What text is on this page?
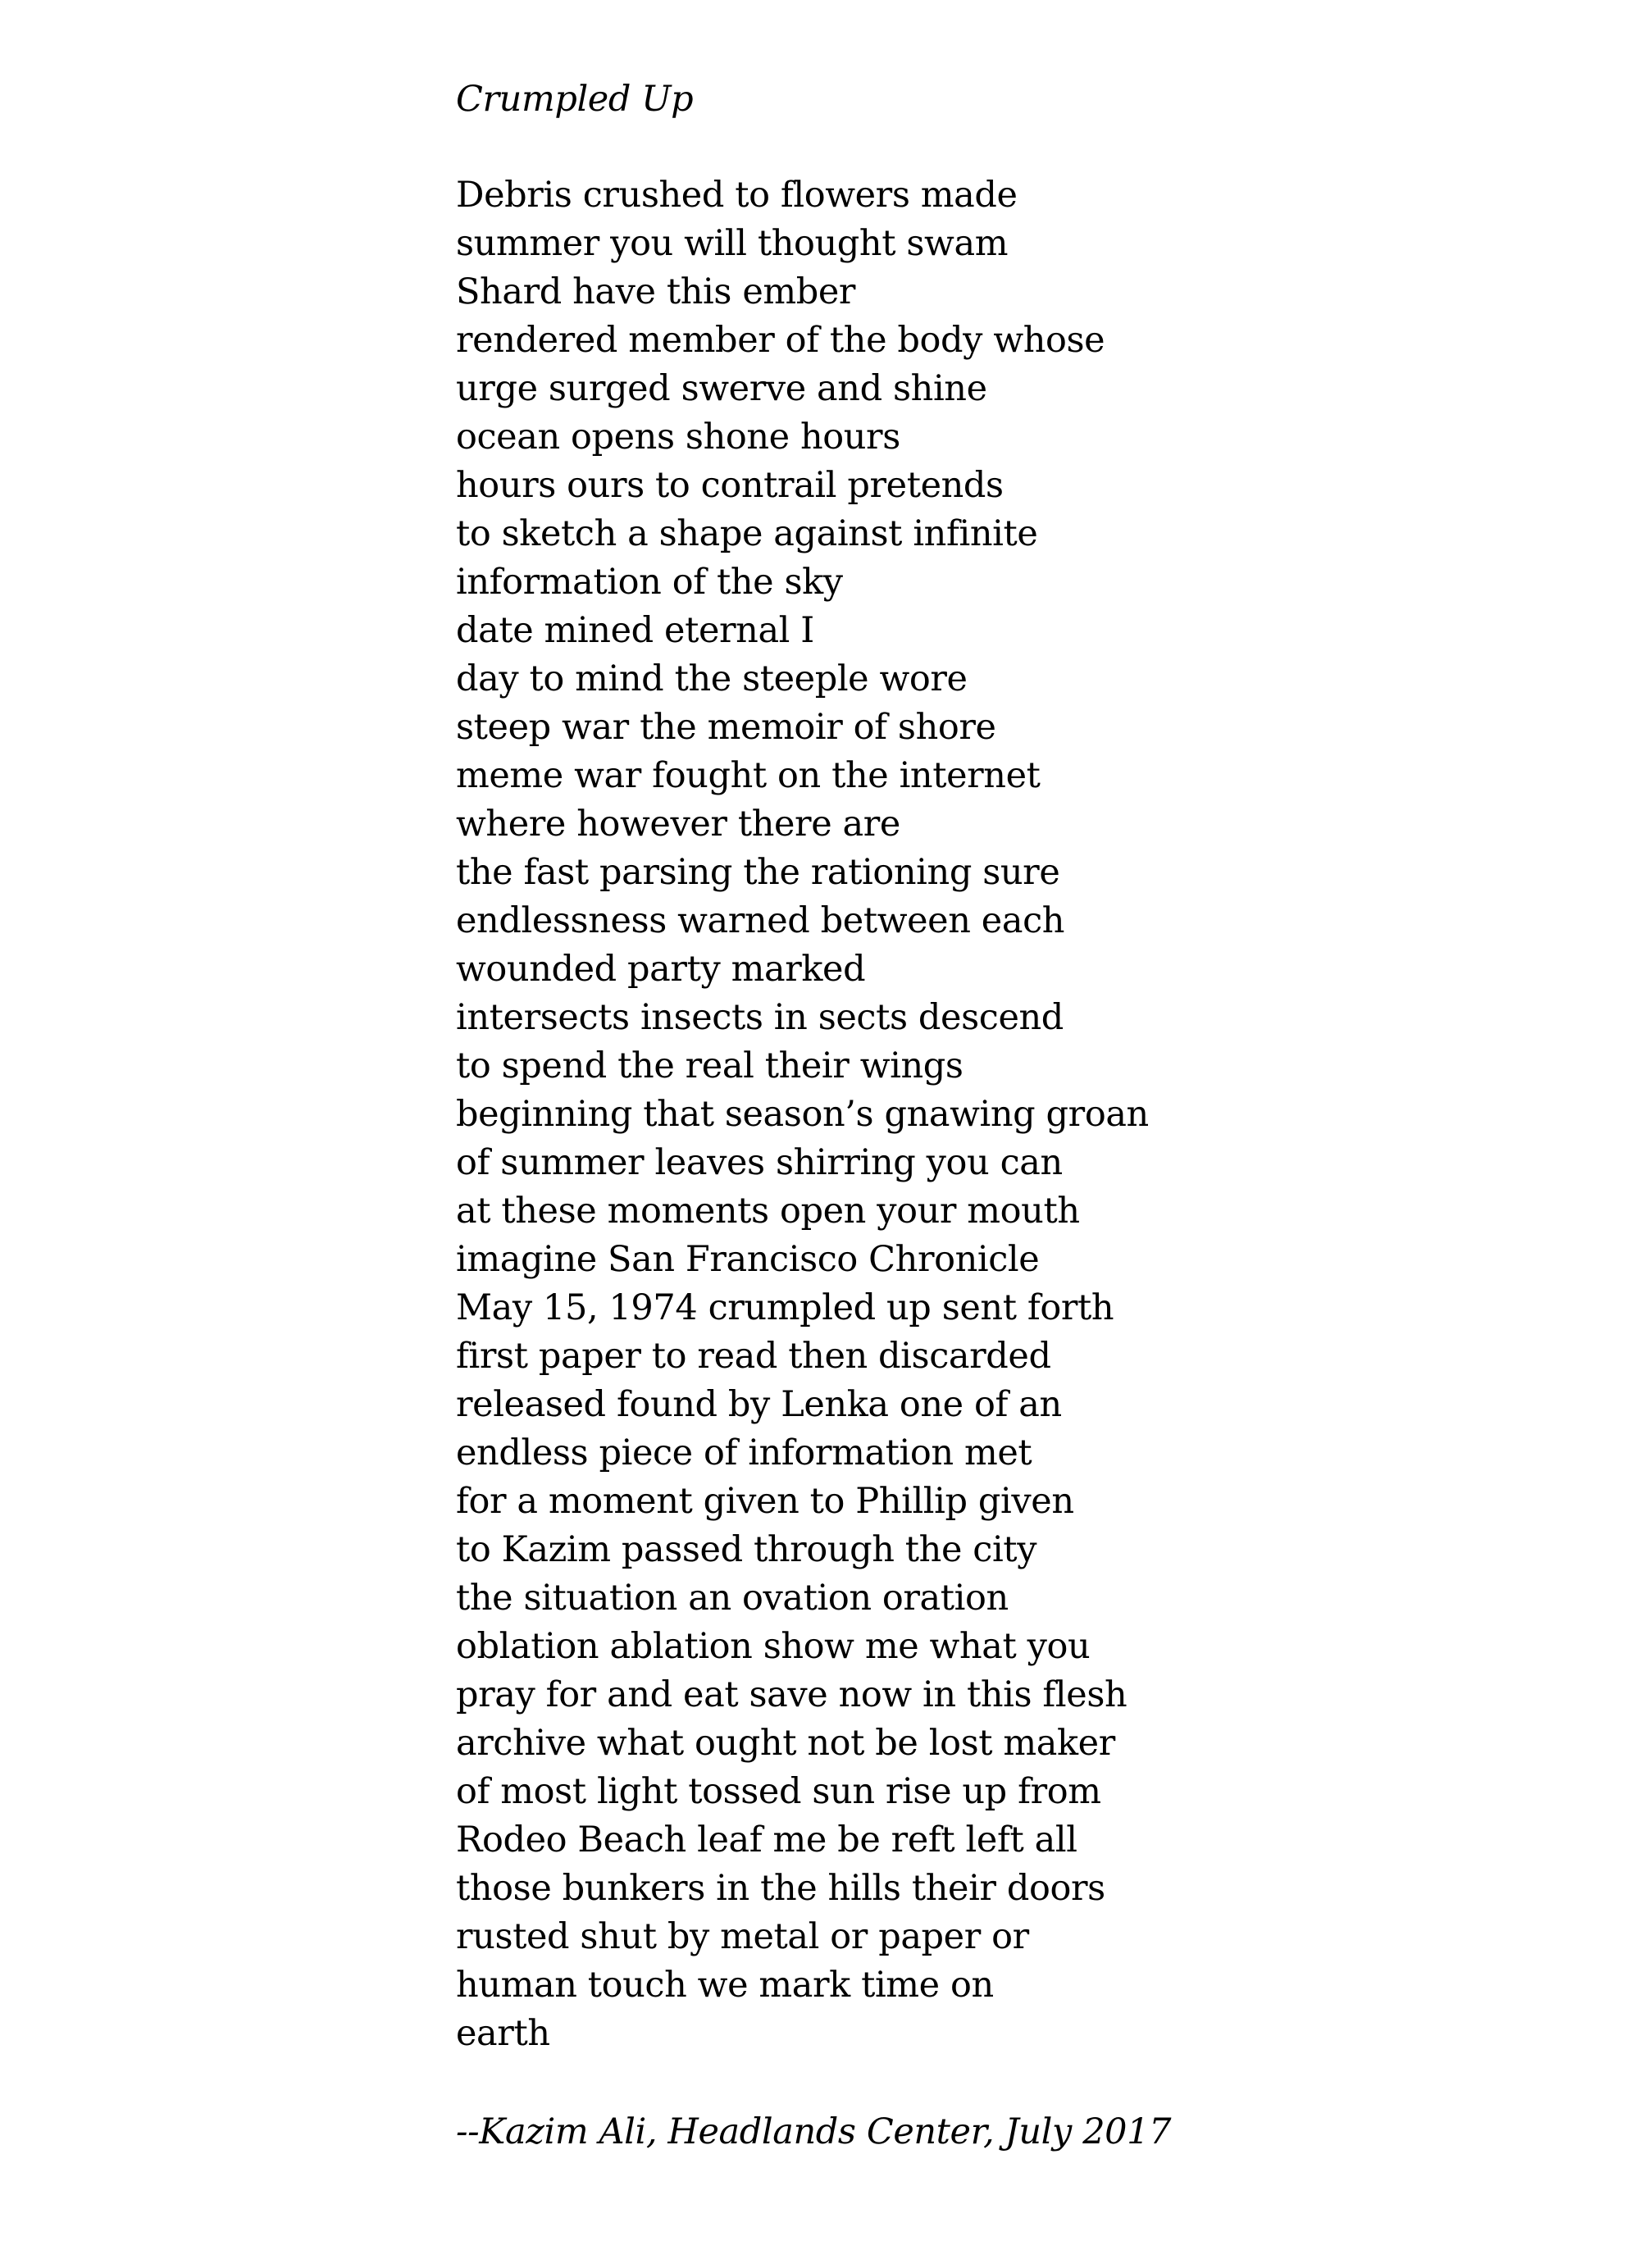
Crumpled Up
Debris crushed to flowers made
summer you will thought swam
Shard have this ember
rendered member of the body whose
urge surged swerve and shine
ocean opens shone hours
hours ours to contrail pretends
to sketch a shape against infinite
information of the sky
date mined eternal I
day to mind the steeple wore
steep war the memoir of shore
meme war fought on the internet
where however there are
the fast parsing the rationing sure
endlessness warned between each
wounded party marked
intersects insects in sects descend
to spend the real their wings
beginning that season’s gnawing groan
of summer leaves shirring you can
at these moments open your mouth
imagine San Francisco Chronicle
May 15, 1974 crumpled up sent forth
first paper to read then discarded
released found by Lenka one of an
endless piece of information met
for a moment given to Phillip given
to Kazim passed through the city
the situation an ovation oration
oblation ablation show me what you
pray for and eat save now in this flesh
archive what ought not be lost maker
of most light tossed sun rise up from
Rodeo Beach leaf me be reft left all
those bunkers in the hills their doors
rusted shut by metal or paper or
human touch we mark time on
earth
--Kazim Ali, Headlands Center, July 2017
